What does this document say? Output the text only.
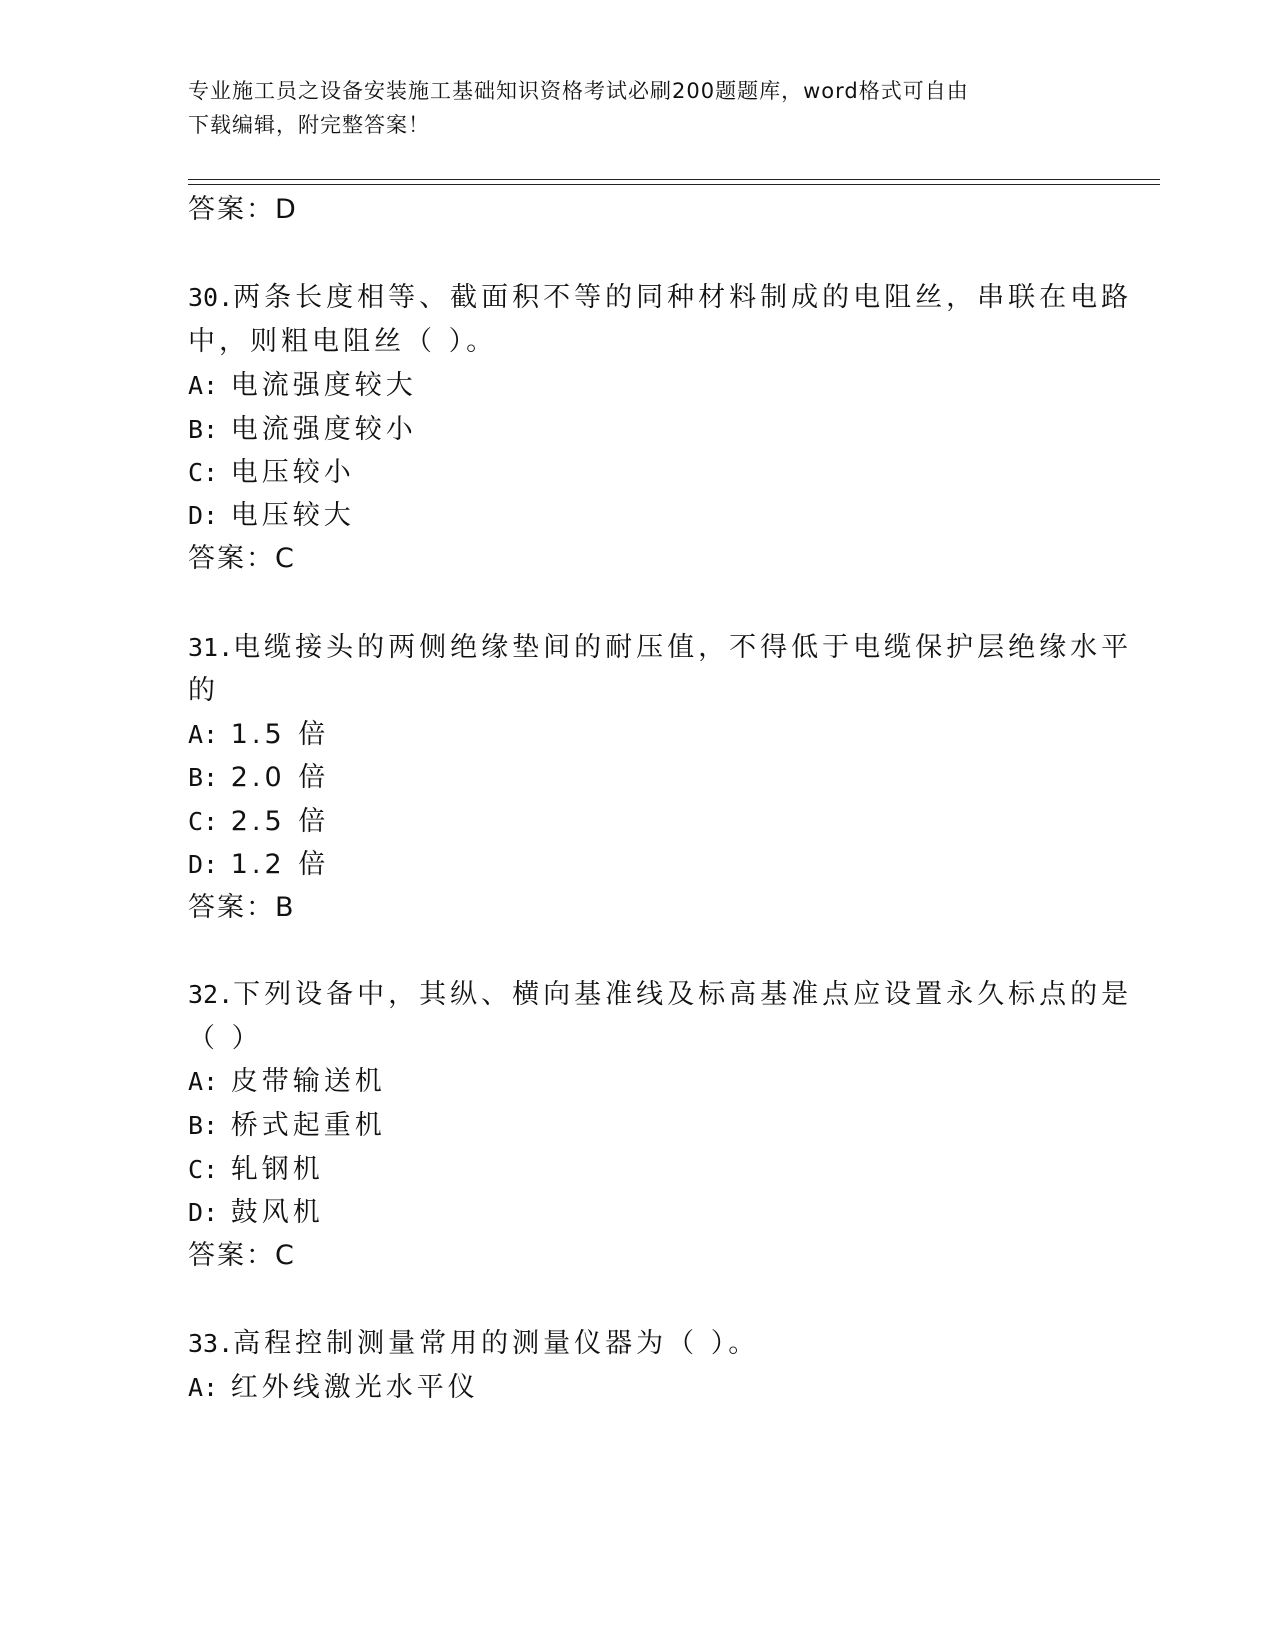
专业施工员之设备安装施工基础知识资格考试必刷200题题库，word格式可自由
下载编辑，附完整答案！
答案：D
30.两条长度相等、截面积不等的同种材料制成的电阻丝，串联在电路
中，则粗电阻丝（ ）。
A: 电流强度较大
B: 电流强度较小
C: 电压较小
D: 电压较大
答案：C
31.电缆接头的两侧绝缘垫间的耐压值，不得低于电缆保护层绝缘水平
的
A: 1.5 倍
B: 2.0 倍
C: 2.5 倍
D: 1.2 倍
答案：B
32.下列设备中，其纵、横向基准线及标高基准点应设置永久标点的是
（ ）
A: 皮带输送机
B: 桥式起重机
C: 轧钢机
D: 鼓风机
答案：C
33.高程控制测量常用的测量仪器为（ ）。
A: 红外线激光水平仪
